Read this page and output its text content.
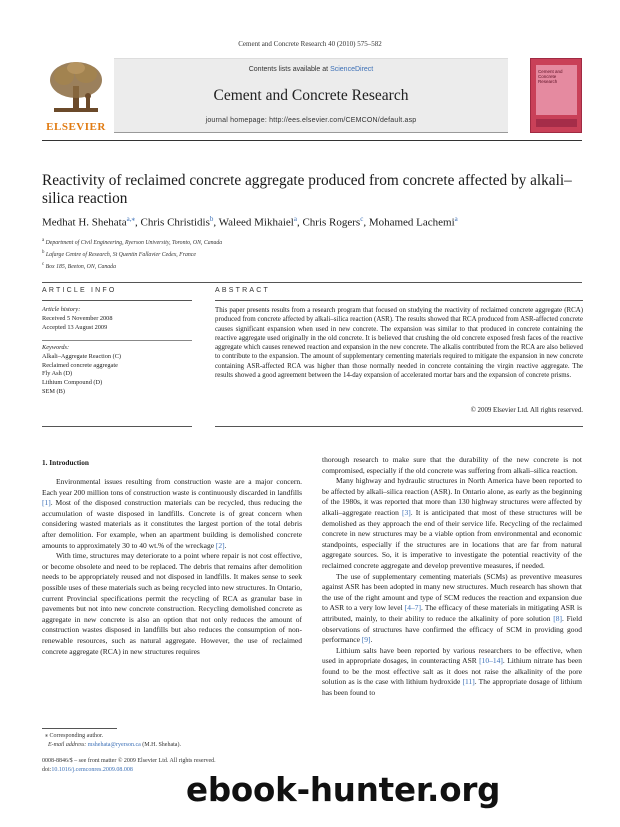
Cement and Concrete Research 40 (2010) 575–582
ELSEVIER
Contents lists available at ScienceDirect
Cement and Concrete Research
journal homepage: http://ees.elsevier.com/CEMCON/default.asp
Cement and Concrete Research
Reactivity of reclaimed concrete aggregate produced from concrete affected by alkali–silica reaction
Medhat H. Shehata$^{a,⁎}$, Chris Christidis$^b$, Waleed Mikhaiel$^a$, Chris Rogers$^c$, Mohamed Lachemi$^a$
$^a$ Department of Civil Engineering, Ryerson University, Toronto, ON, Canada
$^b$ Lafarge Centre of Research, St Quentin Fallavier Cedex, France
$^c$ Box 185, Beeton, ON, Canada
ARTICLE INFO	ABSTRACT
Article history:
Received 5 November 2008
Accepted 13 August 2009
Keywords:
Alkali–Aggregate Reaction (C)
Reclaimed concrete aggregate
Fly Ash (D)
Lithium Compound (D)
SEM (B)
This paper presents results from a research program that focused on studying the reactivity of reclaimed concrete aggregate (RCA) produced from concrete affected by alkali–silica reaction (ASR). The results showed that RCA produced from ASR-affected concrete causes significant expansion when used in new concrete. The expansion was similar to that produced in concrete containing the reactive aggregate used originally in the old concrete. It is believed that crushing the old concrete exposed fresh faces of the reactive aggregate which causes renewed reaction and expansion in the new concrete. The alkalis contributed from the RCA are also believed to contribute to the expansion. The amount of supplementary cementing materials required to mitigate the expansion in new concrete containing ASR-affected RCA was higher than those normally needed in concrete containing the virgin reactive aggregate. The results showed a good agreement between the 14-day expansion of accelerated mortar bars and the expansion of concrete prisms.
© 2009 Elsevier Ltd. All rights reserved.
1. Introduction

Environmental issues resulting from construction waste are a major concern. Each year 200 million tons of construction waste is continuously discarded in landfills [1]. Most of the disposed construction materials can be recycled, thus reducing the accumulation of waste disposed in landfills. Concrete is of great concern when considering wasted materials as it constitutes the largest portion of the total debris after demolition. For example, when an apartment building is demolished concrete amounts to approximately 30 to 40 wt.% of the wreckage [2].

With time, structures may deteriorate to a point where repair is not cost effective, or become obsolete and need to be replaced. The debris that remains after demolition needs to be appropriately reused and not disposed in landfills. It makes sense to seek possible uses of these materials such as being recycled into new structures. In Ontario, current Provincial specifications permit the recycling of RCA as granular base in pavements but not into new concrete construction. Recycling demolished concrete as aggregate in new concrete is also an option that not only reduces the amount of construction wastes disposed in landfills but also reduces the consumption of non-renewable resources, such as natural aggregate. However, the use of reclaimed concrete aggregate (RCA) in new structures requires

thorough research to make sure that the durability of the new concrete is not compromised, especially if the old concrete was suffering from alkali–silica reaction.

Many highway and hydraulic structures in North America have been reported to be affected by alkali–silica reaction (ASR). In Ontario alone, as early as the beginning of the 1980s, it was reported that more than 130 highway structures were affected by alkali–aggregate reaction [3]. It is anticipated that most of these structures will be demolished as they approach the end of their service life. Recycling of the reclaimed concrete in new structures may be a viable option from environmental and economic standpoints, especially if the structures are in locations that are far from natural aggregate sources. So, it is imperative to investigate the potential reactivity of the reclaimed concrete aggregate and develop preventive measures, if needed.

The use of supplementary cementing materials (SCMs) as preventive measures against ASR has been adopted in many new structures. Much research has shown that the use of the right amount and type of SCM reduces the reaction and expansion due to ASR to a very low level [4–7]. The efficacy of these materials in mitigating ASR is attributed, mainly, to their ability to reduce the alkalinity of pore solution [8]. Field observations of structures have confirmed the efficacy of SCM in providing good performance [9].

Lithium salts have been reported by various researchers to be effective, when used in appropriate dosages, in counteracting ASR [10–14]. Lithium nitrate has been found to be the most effective salt as it does not raise the alkalinity of the pore solution as is the case with lithium hydroxide [11]. The appropriate dosage of lithium has been found to

⁎ Corresponding author.
E-mail address: mshehata@ryerson.ca (M.H. Shehata).
0008-8846/$ – see front matter © 2009 Elsevier Ltd. All rights reserved.
doi:10.1016/j.cemconres.2009.08.008
ebook-hunter.org
